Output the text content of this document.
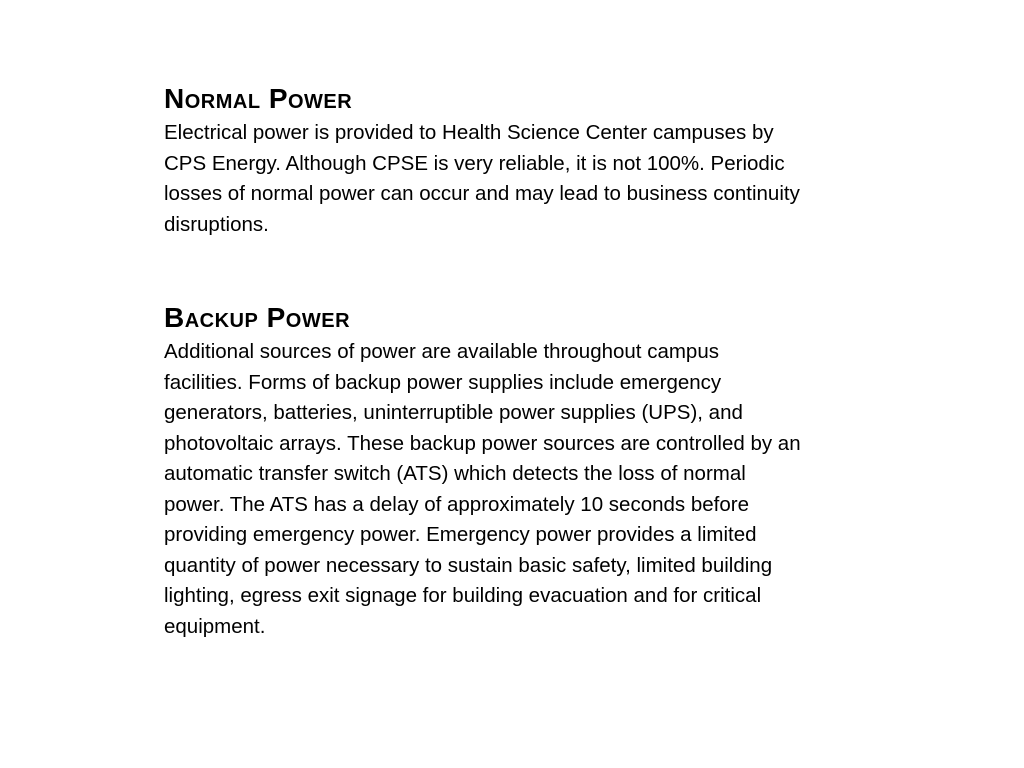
Normal Power
Electrical power is provided to Health Science Center campuses by
CPS Energy. Although CPSE is very reliable, it is not 100%. Periodic
losses of normal power can occur and may lead to business continuity
disruptions.
Backup Power
Additional sources of power are available throughout campus
facilities. Forms of backup power supplies include emergency
generators, batteries, uninterruptible power supplies (UPS), and
photovoltaic arrays. These backup power sources are controlled by an
automatic transfer switch (ATS) which detects the loss of normal
power. The ATS has a delay of approximately 10 seconds before
providing emergency power. Emergency power provides a limited
quantity of power necessary to sustain basic safety, limited building
lighting, egress exit signage for building evacuation and for critical
equipment.
